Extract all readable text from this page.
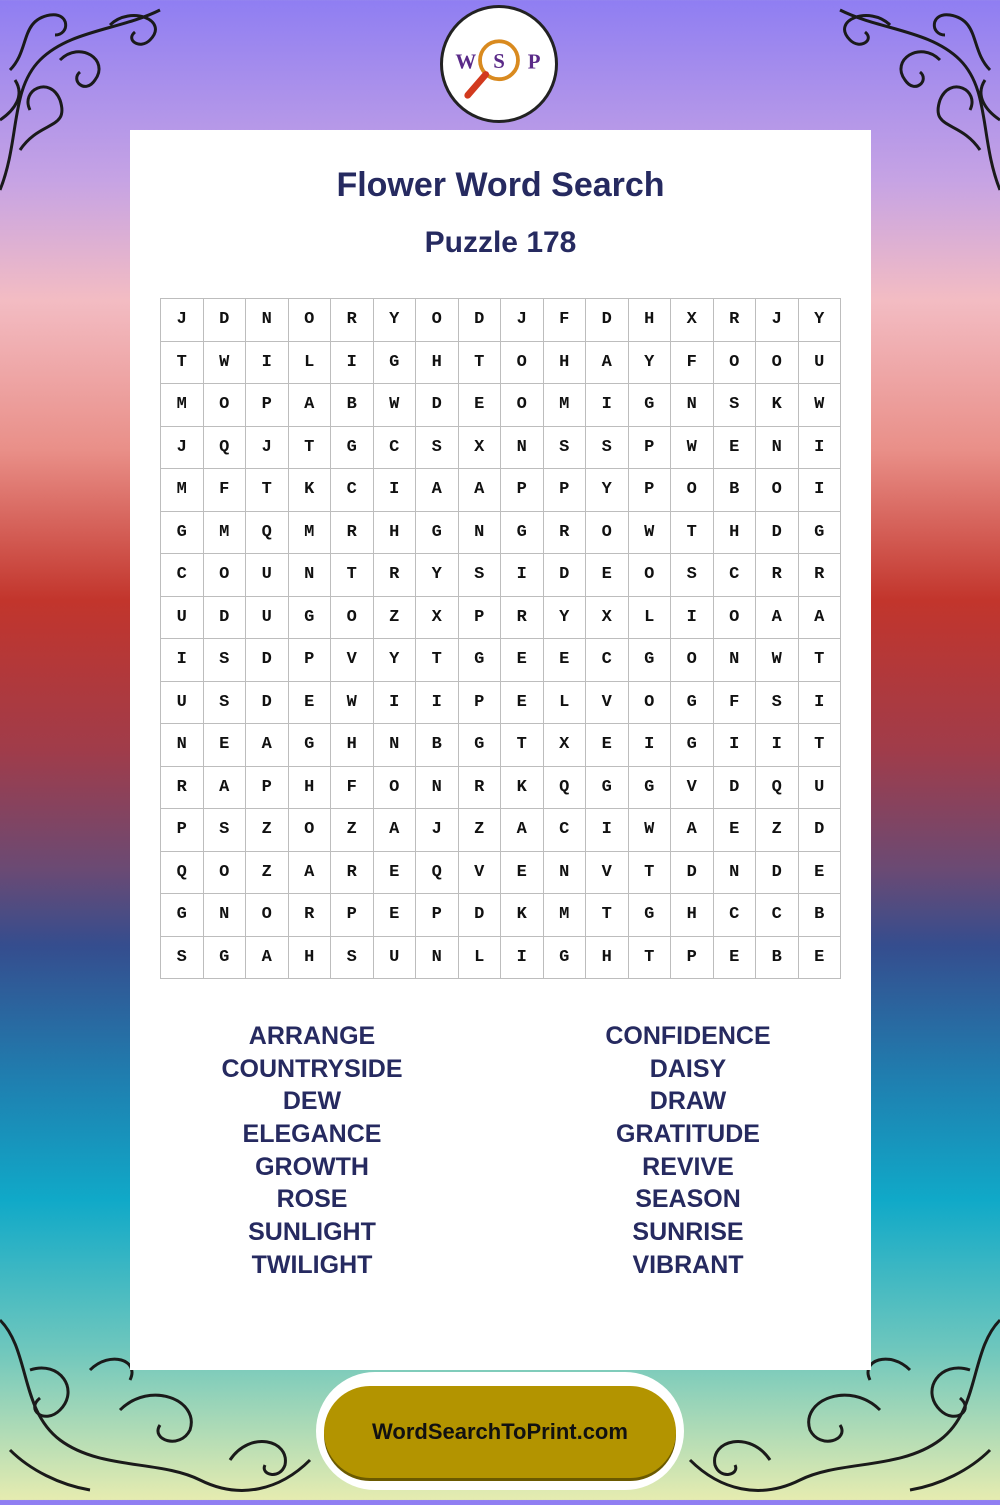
W S P
Flower Word Search
Puzzle 178
J	D	N	O	R	Y	O	D	J	F	D	H	X	R	J	Y
T	W	I	L	I	G	H	T	O	H	A	Y	F	O	O	U
M	O	P	A	B	W	D	E	O	M	I	G	N	S	K	W
J	Q	J	T	G	C	S	X	N	S	S	P	W	E	N	I
M	F	T	K	C	I	A	A	P	P	Y	P	O	B	O	I
G	M	Q	M	R	H	G	N	G	R	O	W	T	H	D	G
C	O	U	N	T	R	Y	S	I	D	E	O	S	C	R	R
U	D	U	G	O	Z	X	P	R	Y	X	L	I	O	A	A
I	S	D	P	V	Y	T	G	E	E	C	G	O	N	W	T
U	S	D	E	W	I	I	P	E	L	V	O	G	F	S	I
N	E	A	G	H	N	B	G	T	X	E	I	G	I	I	T
R	A	P	H	F	O	N	R	K	Q	G	G	V	D	Q	U
P	S	Z	O	Z	A	J	Z	A	C	I	W	A	E	Z	D
Q	O	Z	A	R	E	Q	V	E	N	V	T	D	N	D	E
G	N	O	R	P	E	P	D	K	M	T	G	H	C	C	B
S	G	A	H	S	U	N	L	I	G	H	T	P	E	B	E
ARRANGE
COUNTRYSIDE
DEW
ELEGANCE
GROWTH
ROSE
SUNLIGHT
TWILIGHT
CONFIDENCE
DAISY
DRAW
GRATITUDE
REVIVE
SEASON
SUNRISE
VIBRANT
WordSearchToPrint.com
